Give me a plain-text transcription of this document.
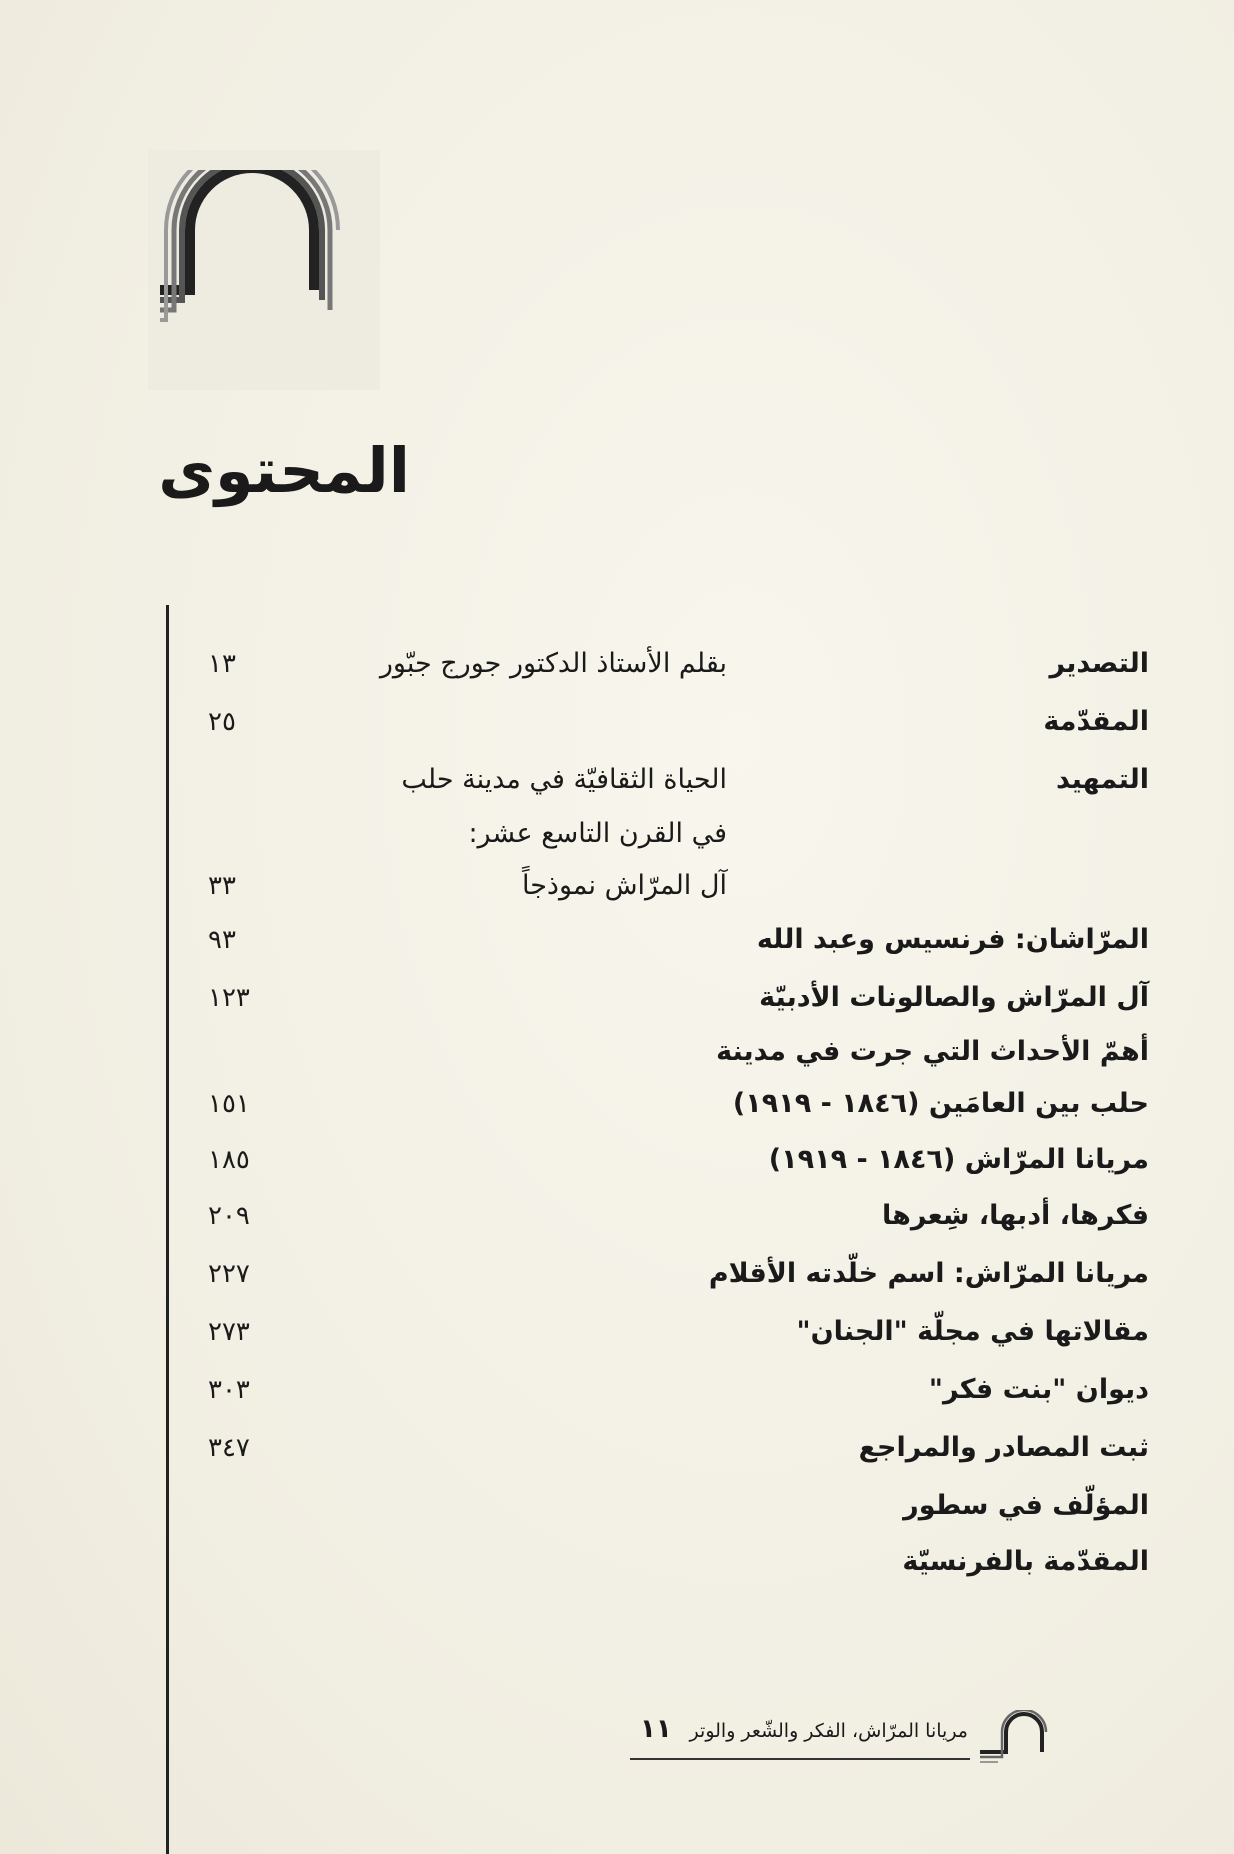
المحتوى
التصدير
بقلم الأستاذ الدكتور جورج جبّور
١٣
المقدّمة
٢٥
التمهيد
الحياة الثقافيّة في مدينة حلب
في القرن التاسع عشر:
آل المرّاش نموذجاً
٣٣
المرّاشان: فرنسيس وعبد الله
٩٣
آل المرّاش والصالونات الأدبيّة
١٢٣
أهمّ الأحداث التي جرت في مدينة
حلب بين العامَين (١٨٤٦ - ١٩١٩)
١٥١
مريانا المرّاش (١٨٤٦ - ١٩١٩)
١٨٥
فكرها، أدبها، شِعرها
٢٠٩
مريانا المرّاش: اسم خلّدته الأقلام
٢٢٧
مقالاتها في مجلّة "الجنان"
٢٧٣
ديوان "بنت فكر"
٣٠٣
ثبت المصادر والمراجع
٣٤٧
المؤلّف في سطور
المقدّمة بالفرنسيّة
١١ مريانا المرّاش، الفكر والشّعر والوتر
